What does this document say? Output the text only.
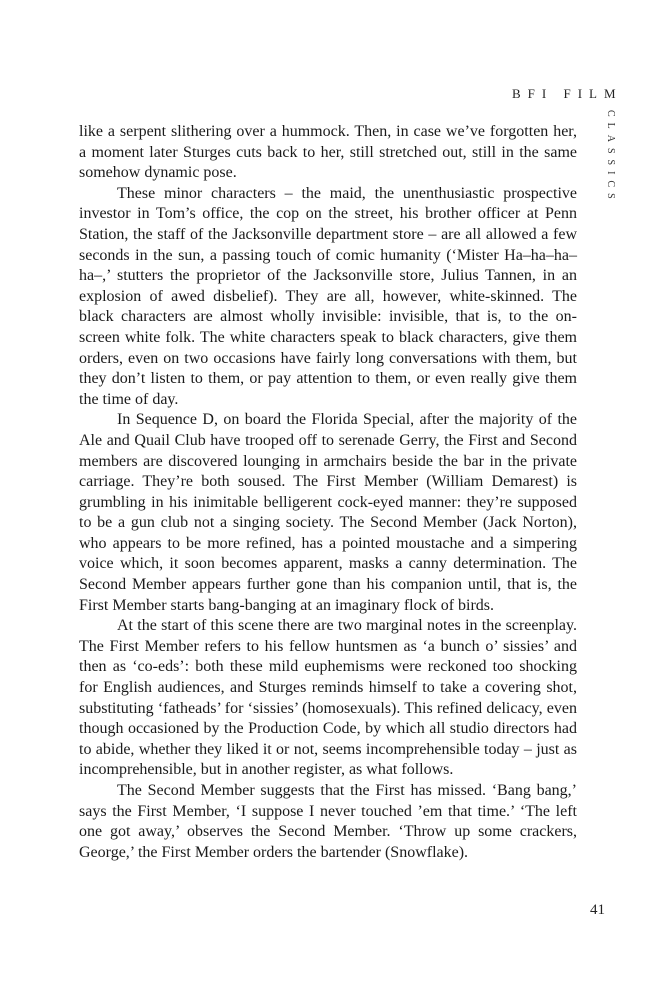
BFI FILM
CLASSICS

like a serpent slithering over a hummock. Then, in case we’ve forgotten her, a moment later Sturges cuts back to her, still stretched out, still in the same somehow dynamic pose.

These minor characters – the maid, the unenthusiastic prospective investor in Tom’s office, the cop on the street, his brother officer at Penn Station, the staff of the Jacksonville department store – are all allowed a few seconds in the sun, a passing touch of comic humanity (‘Mister Ha–ha–ha–ha–,’ stutters the proprietor of the Jacksonville store, Julius Tannen, in an explosion of awed disbelief). They are all, however, white-skinned. The black characters are almost wholly invisible: invisible, that is, to the on-screen white folk. The white characters speak to black characters, give them orders, even on two occasions have fairly long conversations with them, but they don’t listen to them, or pay attention to them, or even really give them the time of day.

In Sequence D, on board the Florida Special, after the majority of the Ale and Quail Club have trooped off to serenade Gerry, the First and Second members are discovered lounging in armchairs beside the bar in the private carriage. They’re both soused. The First Member (William Demarest) is grumbling in his inimitable belligerent cock-eyed manner: they’re supposed to be a gun club not a singing society. The Second Member (Jack Norton), who appears to be more refined, has a pointed moustache and a simpering voice which, it soon becomes apparent, masks a canny determination. The Second Member appears further gone than his companion until, that is, the First Member starts bang-banging at an imaginary flock of birds.

At the start of this scene there are two marginal notes in the screenplay. The First Member refers to his fellow huntsmen as ‘a bunch o’ sissies’ and then as ‘co-eds’: both these mild euphemisms were reckoned too shocking for English audiences, and Sturges reminds himself to take a covering shot, substituting ‘fatheads’ for ‘sissies’ (homosexuals). This refined delicacy, even though occasioned by the Production Code, by which all studio directors had to abide, whether they liked it or not, seems incomprehensible today – just as incomprehensible, but in another register, as what follows.

The Second Member suggests that the First has missed. ‘Bang bang,’ says the First Member, ‘I suppose I never touched ’em that time.’ ‘The left one got away,’ observes the Second Member. ‘Throw up some crackers, George,’ the First Member orders the bartender (Snowflake).

41
